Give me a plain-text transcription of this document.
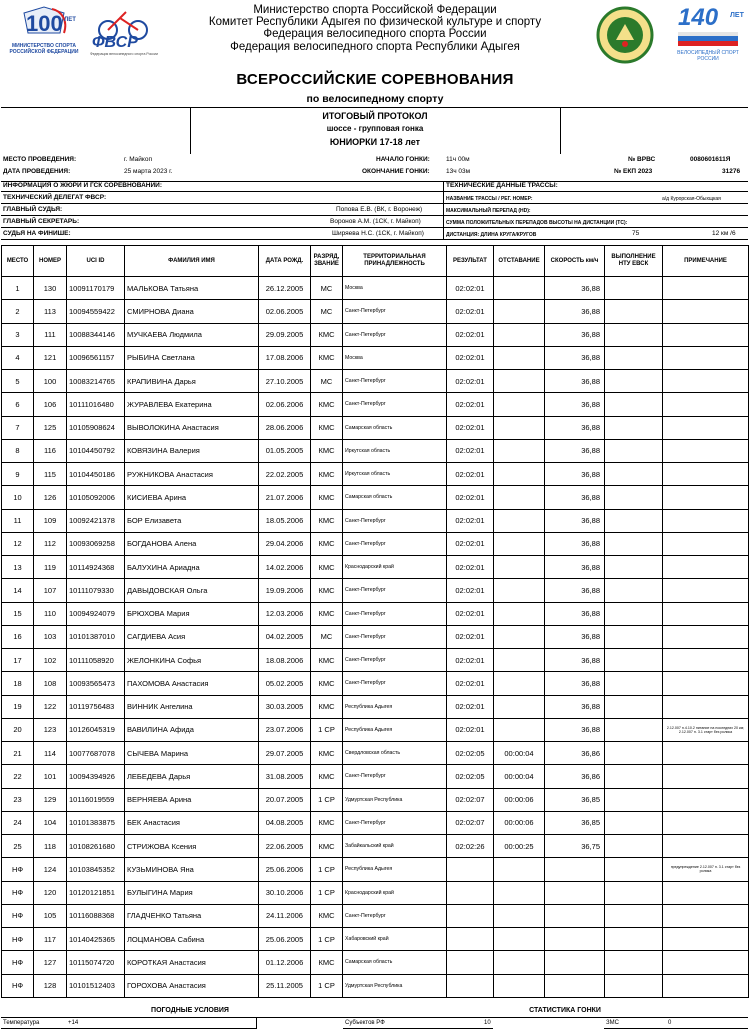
100 ЛЕТ
МИНИСТЕРСТВО СПОРТА
РОССИЙСКОЙ ФЕДЕРАЦИИ
ФВСР
Федерация велосипедного спорта России
140 ЛЕТ
ВЕЛОСИПЕДНЫЙ СПОРТ
РОССИИ
Министерство спорта Российской Федерации
Комитет Республики Адыгея по физической культуре и спорту
Федерация велосипедного спорта России
Федерация велосипедного спорта Республики Адыгея
ВСЕРОССИЙСКИЕ СОРЕВНОВАНИЯ
по велосипедному спорту
ИТОГОВЫЙ ПРОТОКОЛ
шоссе - групповая гонка
ЮНИОРКИ 17-18 лет
МЕСТО ПРОВЕДЕНИЯ:	г. Майкоп
ДАТА ПРОВЕДЕНИЯ:	25 марта 2023 г.
НАЧАЛО ГОНКИ: 11ч 00м
ОКОНЧАНИЕ ГОНКИ:	13ч 03м
№ ВРВС	0080601611Я
№ ЕКП 2023	31276
ИНФОРМАЦИЯ О ЖЮРИ И ГСК СОРЕВНОВАНИЙ:	ТЕХНИЧЕСКИЕ ДАННЫЕ ТРАССЫ:
ТЕХНИЧЕСКИЙ ДЕЛЕГАТ ФВСР:	НАЗВАНИЕ ТРАССЫ / РЕГ. НОМЕР:	а/д Курорская-Обыхщкая
ГЛАВНЫЙ СУДЬЯ:	Попова Е.В. (ВК, г. Воронеж)	МАКСИМАЛЬНЫЙ ПЕРЕПАД (НD):
ГЛАВНЫЙ СЕКРЕТАРЬ:	Воронов А.М. (1СК, г. Майкоп)	СУММА ПОЛОЖИТЕЛЬНЫХ ПЕРЕПАДОВ ВЫСОТЫ НА ДИСТАНЦИИ (ТС):
СУДЬЯ НА ФИНИШЕ:	Ширяева Н.С. (1СК, г. Майкоп)	ДИСТАНЦИЯ: ДЛИНА КРУГА/КРУГОВ	75	12 км /6
МЕСТО	НОМЕР	UCI ID	ФАМИЛИЯ ИМЯ	ДАТА РОЖД.	РАЗРЯД, ЗВАНИЕ	ТЕРРИТОРИАЛЬНАЯ ПРИНАДЛЕЖНОСТЬ	РЕЗУЛЬТАТ	ОТСТАВАНИЕ	СКОРОСТЬ км/ч	ВЫПОЛНЕНИЕ НТУ ЕВСК	ПРИМЕЧАНИЕ
1	130	10091170179	МАЛЬКОВА Татьяна	26.12.2005	МС	Москва	02:02:01		36,88		
2	113	10094559422	СМИРНОВА Диана	02.06.2005	МС	Санкт-Петербург	02:02:01		36,88		
3	111	10088344146	МУЧКАЕВА Людмила	29.09.2005	КМС	Санкт-Петербург	02:02:01		36,88		
4	121	10096561157	РЫБИНА Светлана	17.08.2006	КМС	Москва	02:02:01		36,88		
5	100	10083214765	КРАПИВИНА Дарья	27.10.2005	МС	Санкт-Петербург	02:02:01		36,88		
6	106	10111016480	ЖУРАВЛЕВА Екатерина	02.06.2006	КМС	Санкт-Петербург	02:02:01		36,88		
7	125	10105908624	ВЫВОЛОКИНА Анастасия	28.06.2006	КМС	Самарская область	02:02:01		36,88		
8	116	10104450792	КОВЯЗИНА Валерия	01.05.2005	КМС	Иркутская область	02:02:01		36,88		
9	115	10104450186	РУЖНИКОВА Анастасия	22.02.2005	КМС	Иркутская область	02:02:01		36,88		
10	126	10105092006	КИСИЕВА Арина	21.07.2006	КМС	Самарская область	02:02:01		36,88		
11	109	10092421378	БОР Елизавета	18.05.2006	КМС	Санкт-Петербург	02:02:01		36,88		
12	112	10093069258	БОГДАНОВА Алена	29.04.2006	КМС	Санкт-Петербург	02:02:01		36,88		
13	119	10114924368	БАЛУХИНА Ариадна	14.02.2006	КМС	Краснодарский край	02:02:01		36,88		
14	107	10111079330	ДАВЫДОВСКАЯ Ольга	19.09.2006	КМС	Санкт-Петербург	02:02:01		36,88		
15	110	10094924079	БРЮХОВА Мария	12.03.2006	КМС	Санкт-Петербург	02:02:01		36,88		
16	103	10101387010	САГДИЕВА Асия	04.02.2005	МС	Санкт-Петербург	02:02:01		36,88		
17	102	10111058920	ЖЕЛОНКИНА Софья	18.08.2006	КМС	Санкт-Петербург	02:02:01		36,88		
18	108	10093565473	ПАХОМОВА Анастасия	05.02.2005	КМС	Санкт-Петербург	02:02:01		36,88		
19	122	10119756483	ВИННИК Ангелина	30.03.2005	КМС	Республика Адыгея	02:02:01		36,88		
20	123	10126045319	ВАВИЛИНА Афида	23.07.2006	1 СР	Республика Адыгея	02:02:01		36,88		2.12.007 п.4.10.2 питание на последних 20 км; 2.12.007 п. 3.1 старт без ролика
21	114	10077687078	СЫЧЕВА Марина	29.07.2005	КМС	Свердловская область	02:02:05	00:00:04	36,86		
22	101	10094394926	ЛЕБЕДЕВА Дарья	31.08.2005	КМС	Санкт-Петербург	02:02:05	00:00:04	36,86		
23	129	10116019559	ВЕРНЯЕВА Арина	20.07.2005	1 СР	Удмуртская Республика	02:02:07	00:00:06	36,85		
24	104	10101383875	БЕК Анастасия	04.08.2005	КМС	Санкт-Петербург	02:02:07	00:00:06	36,85		
25	118	10108261680	СТРИЖОВА Ксения	22.06.2005	КМС	Забайкальский край	02:02:26	00:00:25	36,75		
НФ	124	10103845352	КУЗЬМИНОВА Яна	25.06.2006	1 СР	Республика Адыгея					предупреждение 2.12.007 п. 3.1 старт без ролика
НФ	120	10120121851	БУЛЫГИНА Мария	30.10.2006	1 СР	Краснодарский край					
НФ	105	10116088368	ГЛАДЧЕНКО Татьяна	24.11.2006	КМС	Санкт-Петербург					
НФ	117	10140425365	ЛОЦМАНОВА Сабина	25.06.2005	1 СР	Хабаровский край					
НФ	127	10115074720	КОРОТКАЯ Анастасия	01.12.2006	КМС	Самарская область					
НФ	128	10101512403	ГОРОХОВА Анастасия	25.11.2005	1 СР	Удмуртская Республика					
ПОГОДНЫЕ УСЛОВИЯ	СТАТИСТИКА ГОНКИ
Температура	+14	Субъектов РФ	10	ЗМС	0
